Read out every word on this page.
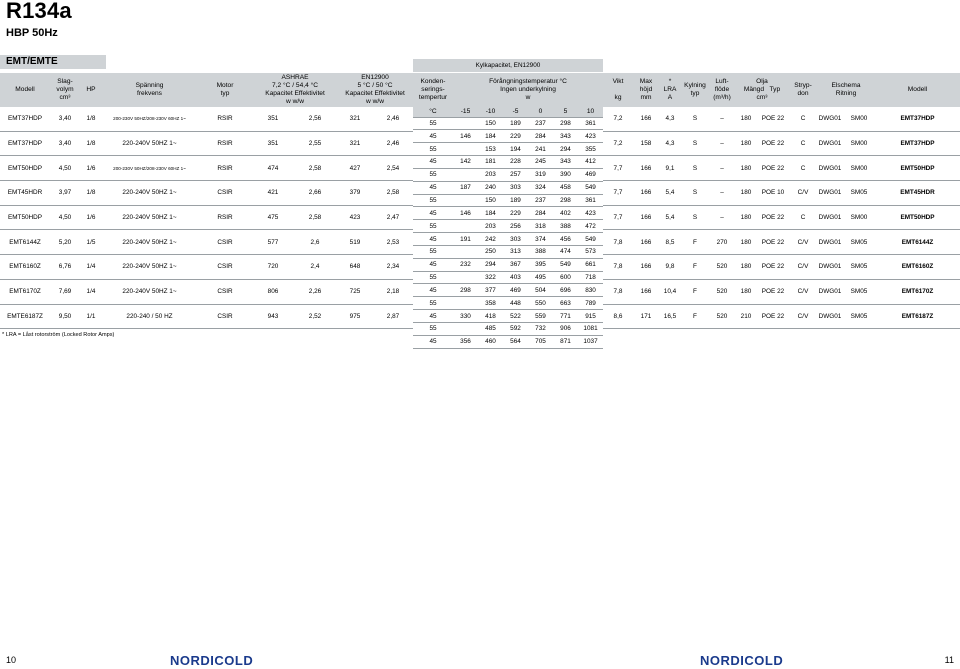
R134a
HBP 50Hz
EMT/EMTE
Modell	Slag-
volym
cm³	HP	Spänning
frekvens	Motor
typ	ASHRAE
7,2 °C / 54,4 °C
Kapacitet Effektivitet
w w/w		EN12900
5 °C / 50 °C
Kapacitet Effektivitet
w w/w	
EMT37HDP	3,40	1/8	200-230V 50HZ/208-230V 60HZ 1~	RSIR	351	2,56	321	2,46
EMT37HDP	3,40	1/8	220-240V 50HZ 1~	RSIR	351	2,55	321	2,46
EMT50HDP	4,50	1/6	200-230V 50HZ/208-230V 60HZ 1~	RSIR	474	2,58	427	2,54
EMT45HDR	3,97	1/8	220-240V 50HZ 1~	CSIR	421	2,66	379	2,58
EMT50HDP	4,50	1/6	220-240V 50HZ 1~	RSIR	475	2,58	423	2,47
EMT6144Z	5,20	1/5	220-240V 50HZ 1~	CSIR	577	2,6	519	2,53
EMT6160Z	6,76	1/4	220-240V 50HZ 1~	CSIR	720	2,4	648	2,34
EMT6170Z	7,69	1/4	220-240V 50HZ 1~	CSIR	806	2,26	725	2,18
EMTE6187Z	9,50	1/1	220-240 / 50 HZ	CSIR	943	2,52	975	2,87
Kylkapacitet, EN12900
Konden-
serings-
tempertur	Förångningstemperatur °C
Ingen underkylning
w					
°C	-15	-10	-5	0	5	10
55		150	189	237	298	361
45	146	184	229	284	343	423
55		153	194	241	294	355
45	142	181	228	245	343	412
55		203	257	319	390	469
45	187	240	303	324	458	549
55		150	189	237	298	361
45	146	184	229	284	402	423
55		203	256	318	388	472
45	191	242	303	374	456	549
55		250	313	388	474	573
45	232	294	367	395	549	661
55		322	403	495	600	718
45	298	377	469	504	696	830
55		358	448	550	663	789
45	330	418	522	559	771	915
55		485	592	732	906	1081
45	356	460	564	705	871	1037
Vikt

kg	Max
höjd
mm	*
LRA
A	Kylning
typ	Luft-
flöde
(m³/h)	Olja
Mängd Typ
cm³		Stryp-
don	Elschema
Ritning		Modell
7,2	166	4,3	S	–	180	POE 22	C	DWG01	SM00	EMT37HDP
7,2	158	4,3	S	–	180	POE 22	C	DWG01	SM00	EMT37HDP
7,7	166	9,1	S	–	180	POE 22	C	DWG01	SM00	EMT50HDP
7,7	166	5,4	S	–	180	POE 10	C/V	DWG01	SM05	EMT45HDR
7,7	166	5,4	S	–	180	POE 22	C	DWG01	SM00	EMT50HDP
7,8	166	8,5	F	270	180	POE 22	C/V	DWG01	SM05	EMT6144Z
7,8	166	9,8	F	520	180	POE 22	C/V	DWG01	SM05	EMT6160Z
7,8	166	10,4	F	520	180	POE 22	C/V	DWG01	SM05	EMT6170Z
8,6	171	16,5	F	520	210	POE 22	C/V	DWG01	SM05	EMT6187Z
* LRA = Låst rotorström (Locked Rotor Amps)
10	11
NORDICOLD	NORDICOLD
